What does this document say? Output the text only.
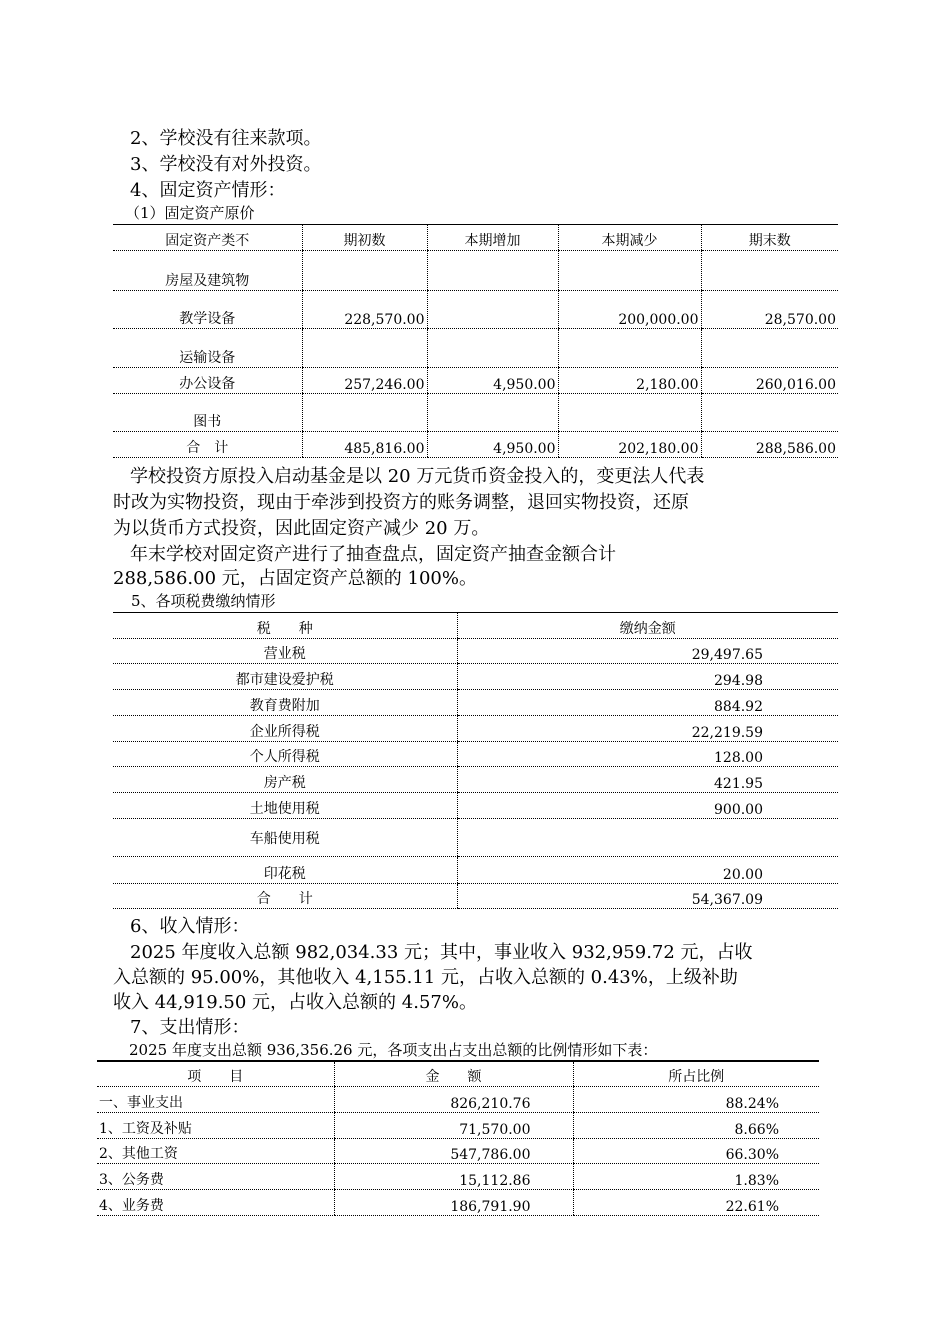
2、学校没有往来款项。
3、学校没有对外投资。
4、固定资产情形：
（1）固定资产原价
固定资产类不	期初数	本期增加	本期减少	期末数
房屋及建筑物				
教学设备	228,570.00		200,000.00	28,570.00
运输设备				
办公设备	257,246.00	4,950.00	2,180.00	260,016.00
图书				
合　计	485,816.00	4,950.00	202,180.00	288,586.00
学校投资方原投入启动基金是以 20 万元货币资金投入的，变更法人代表
时改为实物投资，现由于牵涉到投资方的账务调整，退回实物投资，还原
为以货币方式投资，因此固定资产减少 20 万。
年末学校对固定资产进行了抽查盘点，固定资产抽查金额合计
288,586.00 元，占固定资产总额的 100%。
5、各项税费缴纳情形
税　　种	缴纳金额
营业税	29,497.65
都市建设爱护税	294.98
教育费附加	884.92
企业所得税	22,219.59
个人所得税	128.00
房产税	421.95
土地使用税	900.00
车船使用税	
印花税	20.00
合　　计	54,367.09
6、收入情形：
2025 年度收入总额 982,034.33 元；其中，事业收入 932,959.72 元，占收
入总额的 95.00%，其他收入 4,155.11 元，占收入总额的 0.43%，上级补助
收入 44,919.50 元，占收入总额的 4.57%。
7、支出情形：
2025 年度支出总额 936,356.26 元，各项支出占支出总额的比例情形如下表：
项　　目	金　　额	所占比例
一、事业支出	826,210.76	88.24%
1、工资及补贴	71,570.00	8.66%
2、其他工资	547,786.00	66.30%
3、公务费	15,112.86	1.83%
4、业务费	186,791.90	22.61%
